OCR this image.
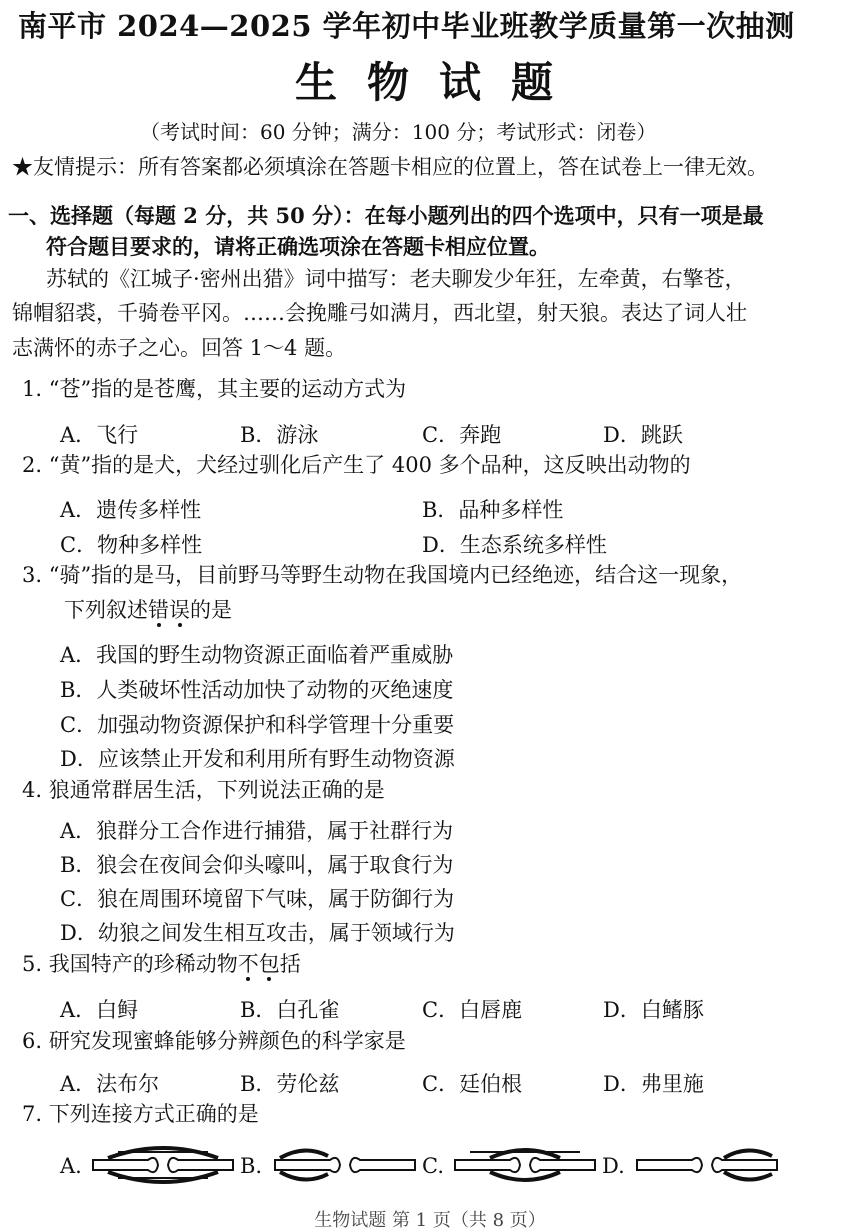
南平市 2024—2025 学年初中毕业班教学质量第一次抽测
生物试题
（考试时间：60 分钟；满分：100 分；考试形式：闭卷）
★友情提示：所有答案都必须填涂在答题卡相应的位置上，答在试卷上一律无效。
一、选择题（每题 2 分，共 50 分）：在每小题列出的四个选项中，只有一项是最
符合题目要求的，请将正确选项涂在答题卡相应位置。
苏轼的《江城子·密州出猎》词中描写：老夫聊发少年狂，左牵黄，右擎苍，
锦帽貂裘，千骑卷平冈。……会挽雕弓如满月，西北望，射天狼。表达了词人壮
志满怀的赤子之心。回答 1～4 题。
1. “苍”指的是苍鹰，其主要的运动方式为
A．飞行	B．游泳	C．奔跑	D．跳跃
2. “黄”指的是犬，犬经过驯化后产生了 400 多个品种，这反映出动物的
A．遗传多样性	B．品种多样性
C．物种多样性	D．生态系统多样性
3. “骑”指的是马，目前野马等野生动物在我国境内已经绝迹，结合这一现象，
下列叙述错误的是
A．我国的野生动物资源正面临着严重威胁
B．人类破坏性活动加快了动物的灭绝速度
C．加强动物资源保护和科学管理十分重要
D．应该禁止开发和利用所有野生动物资源
4. 狼通常群居生活，下列说法正确的是
A．狼群分工合作进行捕猎，属于社群行为
B．狼会在夜间会仰头嚎叫，属于取食行为
C．狼在周围环境留下气味，属于防御行为
D．幼狼之间发生相互攻击，属于领域行为
5. 我国特产的珍稀动物不包括
A．白鲟	B．白孔雀	C．白唇鹿	D．白鳍豚
6. 研究发现蜜蜂能够分辨颜色的科学家是
A．法布尔	B．劳伦兹	C．廷伯根	D．弗里施
7. 下列连接方式正确的是
A.	B.	C.	D.
生物试题 第 1 页（共 8 页）
